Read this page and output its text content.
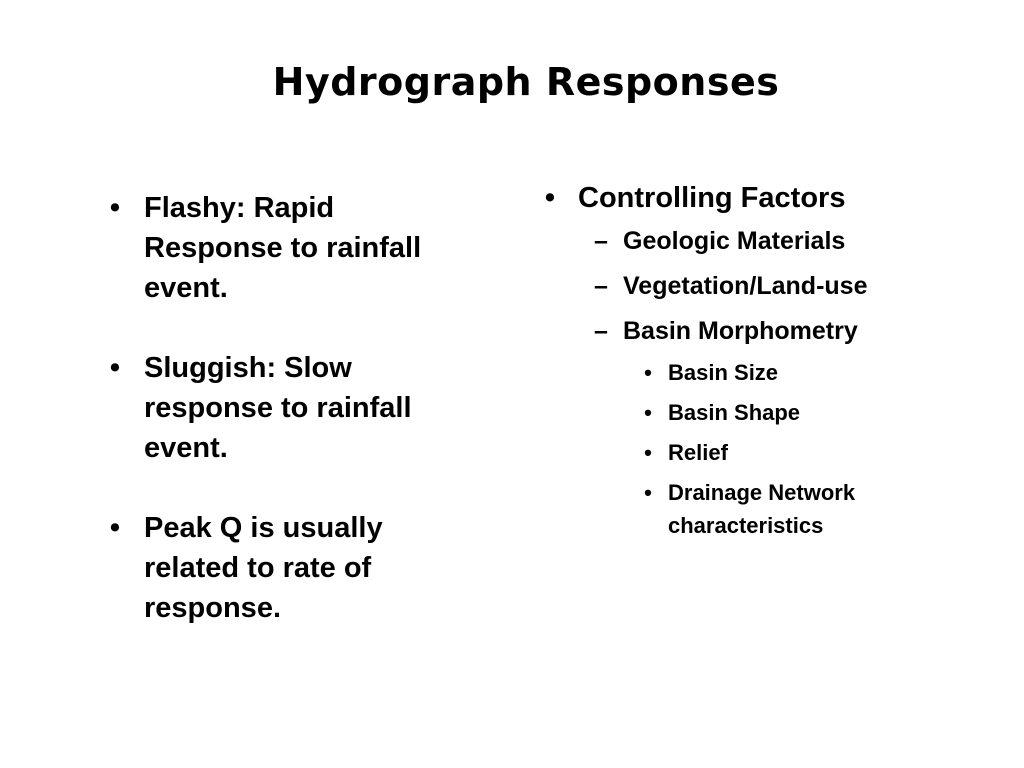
Hydrograph Responses
• Flashy: Rapid
Response to rainfall
event.
• Sluggish: Slow
response to rainfall
event.
• Peak Q is usually
related to rate of
response.
• Controlling Factors
– Geologic Materials
– Vegetation/Land-use
– Basin Morphometry
• Basin Size
• Basin Shape
• Relief
• Drainage Network characteristics
